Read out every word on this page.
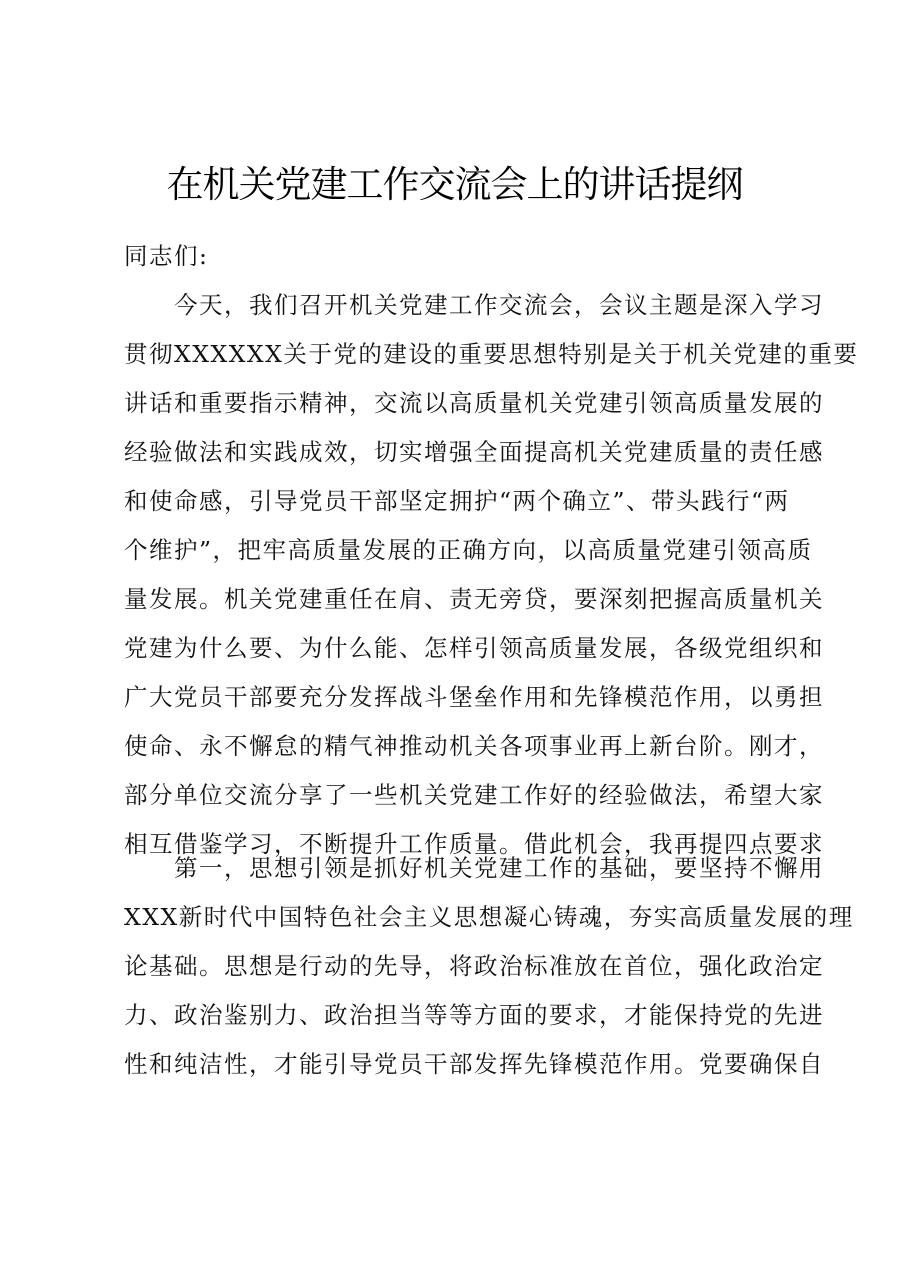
在机关党建工作交流会上的讲话提纲
同志们:
　　今天，我们召开机关党建工作交流会，会议主题是深入学习
贯彻XXXXXX关于党的建设的重要思想特别是关于机关党建的重要
讲话和重要指示精神，交流以高质量机关党建引领高质量发展的
经验做法和实践成效，切实增强全面提高机关党建质量的责任感
和使命感，引导党员干部坚定拥护“两个确立”、带头践行“两
个维护”，把牢高质量发展的正确方向，以高质量党建引领高质
量发展。机关党建重任在肩、责无旁贷，要深刻把握高质量机关
党建为什么要、为什么能、怎样引领高质量发展，各级党组织和
广大党员干部要充分发挥战斗堡垒作用和先锋模范作用，以勇担
使命、永不懈怠的精气神推动机关各项事业再上新台阶。刚才，
部分单位交流分享了一些机关党建工作好的经验做法，希望大家
相互借鉴学习，不断提升工作质量。借此机会，我再提四点要求
　　第一，思想引领是抓好机关党建工作的基础，要坚持不懈用
XXX新时代中国特色社会主义思想凝心铸魂，夯实高质量发展的理
论基础。思想是行动的先导，将政治标准放在首位，强化政治定
力、政治鉴别力、政治担当等等方面的要求，才能保持党的先进
性和纯洁性，才能引导党员干部发挥先锋模范作用。党要确保自
